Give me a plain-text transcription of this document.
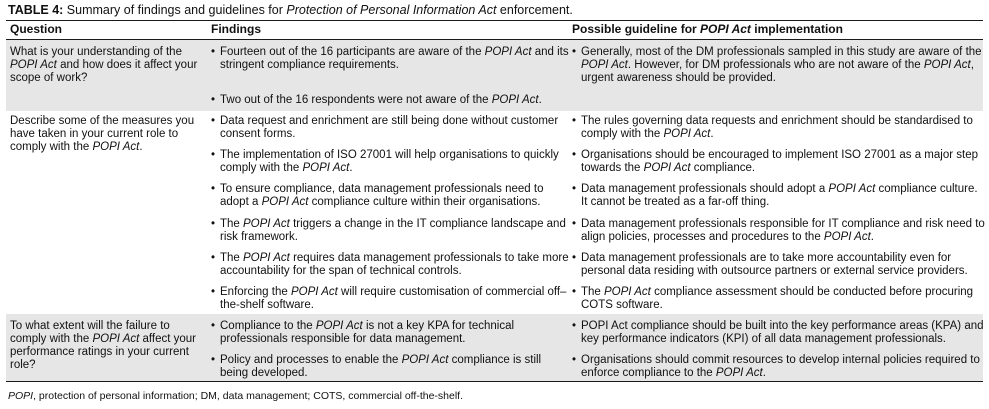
TABLE 4: Summary of findings and guidelines for Protection of Personal Information Act enforcement.
Question	Findings	Possible guideline for POPI Act implementation
What is your understanding of the POPI Act and how does it affect your scope of work?
• Fourteen out of the 16 participants are aware of the POPI Act and its stringent compliance requirements.
• Two out of the 16 respondents were not aware of the POPI Act.
• Generally, most of the DM professionals sampled in this study are aware of the POPI Act. However, for DM professionals who are not aware of the POPI Act, urgent awareness should be provided.
Describe some of the measures you have taken in your current role to comply with the POPI Act.
• Data request and enrichment are still being done without customer consent forms.
• The implementation of ISO 27001 will help organisations to quickly comply with the POPI Act.
• To ensure compliance, data management professionals need to adopt a POPI Act compliance culture within their organisations.
• The POPI Act triggers a change in the IT compliance landscape and risk framework.
• The POPI Act requires data management professionals to take more accountability for the span of technical controls.
• Enforcing the POPI Act will require customisation of commercial off–the-shelf software.
• The rules governing data requests and enrichment should be standardised to comply with the POPI Act.
• Organisations should be encouraged to implement ISO 27001 as a major step towards the POPI Act compliance.
• Data management professionals should adopt a POPI Act compliance culture. It cannot be treated as a far-off thing.
• Data management professionals responsible for IT compliance and risk need to align policies, processes and procedures to the POPI Act.
• Data management professionals are to take more accountability even for personal data residing with outsource partners or external service providers.
• The POPI Act compliance assessment should be conducted before procuring COTS software.
To what extent will the failure to comply with the POPI Act affect your performance ratings in your current role?
• Compliance to the POPI Act is not a key KPA for technical professionals responsible for data management.
• Policy and processes to enable the POPI Act compliance is still being developed.
• POPI Act compliance should be built into the key performance areas (KPA) and key performance indicators (KPI) of all data management professionals.
• Organisations should commit resources to develop internal policies required to enforce compliance to the POPI Act.
POPI, protection of personal information; DM, data management; COTS, commercial off-the-shelf.
